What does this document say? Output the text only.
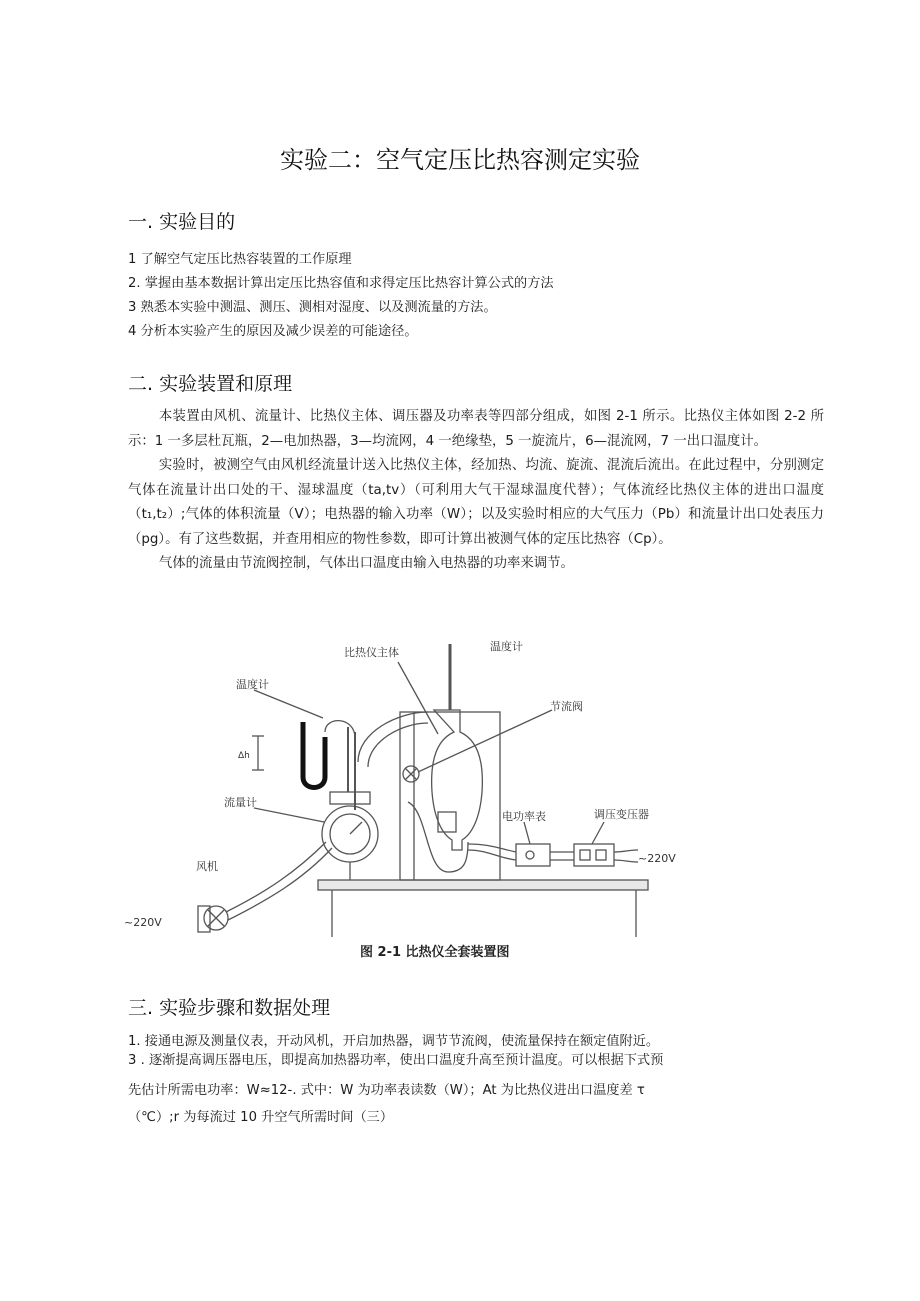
实验二：空气定压比热容测定实验
一. 实验目的
1 了解空气定压比热容装置的工作原理
2. 掌握由基本数据计算出定压比热容值和求得定压比热容计算公式的方法
3 熟悉本实验中测温、测压、测相对湿度、以及测流量的方法。
4 分析本实验产生的原因及减少误差的可能途径。
二. 实验装置和原理

本装置由风机、流量计、比热仪主体、调压器及功率表等四部分组成，如图 2-1 所示。比热仪主体如图 2-2 所示：1 一多层杜瓦瓶，2—电加热器，3—均流网，4 一绝缘垫，5 一旋流片，6—混流网，7 一出口温度计。

实验时，被测空气由风机经流量计送入比热仪主体，经加热、均流、旋流、混流后流出。在此过程中，分别测定气体在流量计出口处的干、湿球温度（ta,tv）（可利用大气干湿球温度代替）；气体流经比热仪主体的进出口温度（t₁,t₂）;气体的体积流量（V）；电热器的输入功率（W）；以及实验时相应的大气压力（Pb）和流量计出口处表压力（pg）。有了这些数据，并查用相应的物性参数，即可计算出被测气体的定压比热容（Cp）。

气体的流量由节流阀控制，气体出口温度由输入电热器的功率来调节。

比热仪主体	温度计
温度计
节流阀
Δh
流量计
电功率表	调压变压器
~220V
风机
~220V
图 2-1 比热仪全套装置图
三. 实验步骤和数据处理
1. 接通电源及测量仪表，开动风机，开启加热器，调节节流阀，使流量保持在额定值附近。
3 . 逐渐提高调压器电压，即提高加热器功率，使出口温度升高至预计温度。可以根据下式预
先估计所需电功率：W≈12-. 式中：W 为功率表读数（W）；At 为比热仪进出口温度差 τ
（℃）;r 为每流过 10 升空气所需时间（三）
